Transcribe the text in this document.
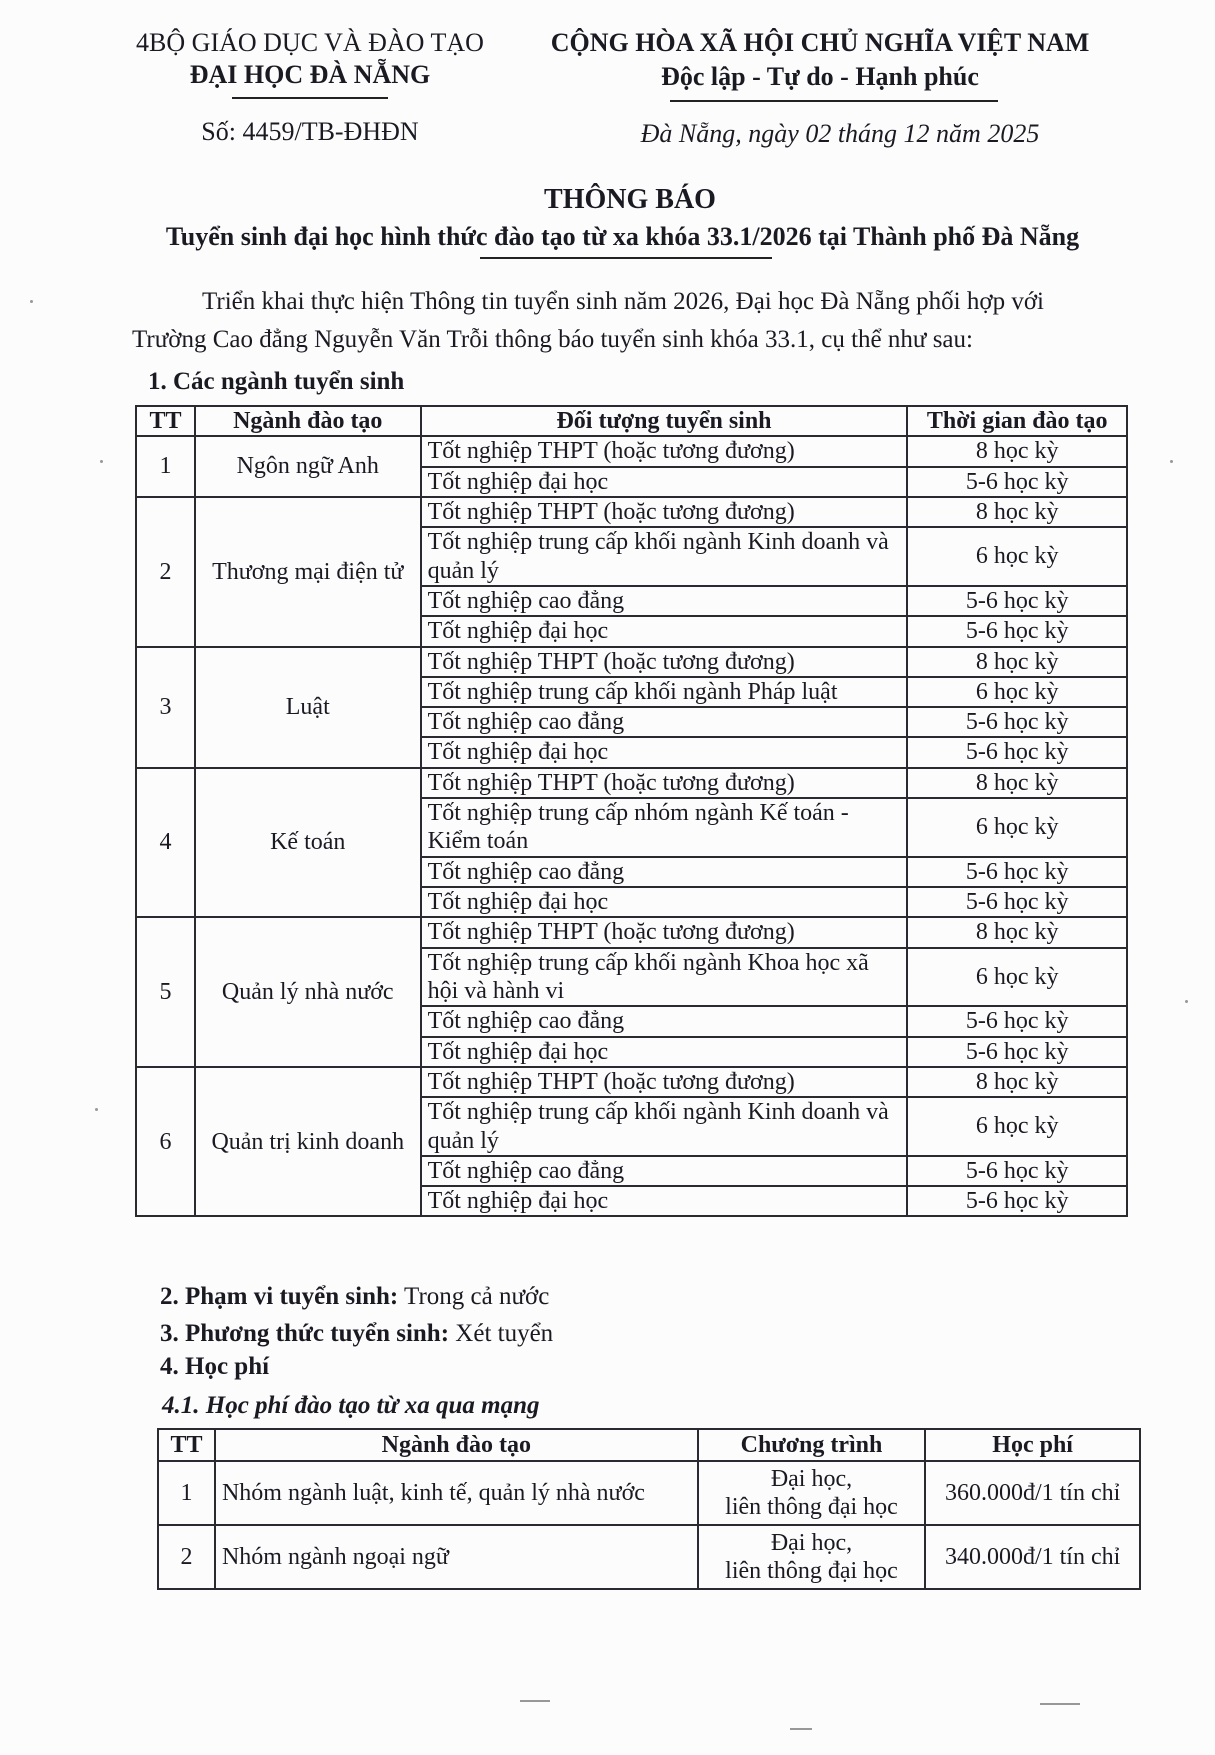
4BỘ GIÁO DỤC VÀ ĐÀO TẠO
ĐẠI HỌC ĐÀ NẴNG
Số: 4459/TB-ĐHĐN
CỘNG HÒA XÃ HỘI CHỦ NGHĨA VIỆT NAM
Độc lập - Tự do - Hạnh phúc
Đà Nẵng, ngày 02 tháng 12 năm 2025
THÔNG BÁO
Tuyển sinh đại học hình thức đào tạo từ xa khóa 33.1/2026 tại Thành phố Đà Nẵng
Triển khai thực hiện Thông tin tuyển sinh năm 2026, Đại học Đà Nẵng phối hợp với
Trường Cao đẳng Nguyễn Văn Trỗi thông báo tuyển sinh khóa 33.1, cụ thể như sau:
1. Các ngành tuyển sinh
TT	Ngành đào tạo	Đối tượng tuyển sinh	Thời gian đào tạo
1	Ngôn ngữ Anh	Tốt nghiệp THPT (hoặc tương đương)	8 học kỳ
		Tốt nghiệp đại học	5-6 học kỳ
2	Thương mại điện tử	Tốt nghiệp THPT (hoặc tương đương)	8 học kỳ
		Tốt nghiệp trung cấp khối ngành Kinh doanh và quản lý	6 học kỳ
		Tốt nghiệp cao đẳng	5-6 học kỳ
		Tốt nghiệp đại học	5-6 học kỳ
3	Luật	Tốt nghiệp THPT (hoặc tương đương)	8 học kỳ
		Tốt nghiệp trung cấp khối ngành Pháp luật	6 học kỳ
		Tốt nghiệp cao đẳng	5-6 học kỳ
		Tốt nghiệp đại học	5-6 học kỳ
4	Kế toán	Tốt nghiệp THPT (hoặc tương đương)	8 học kỳ
		Tốt nghiệp trung cấp nhóm ngành Kế toán - Kiểm toán	6 học kỳ
		Tốt nghiệp cao đẳng	5-6 học kỳ
		Tốt nghiệp đại học	5-6 học kỳ
5	Quản lý nhà nước	Tốt nghiệp THPT (hoặc tương đương)	8 học kỳ
		Tốt nghiệp trung cấp khối ngành Khoa học xã hội và hành vi	6 học kỳ
		Tốt nghiệp cao đẳng	5-6 học kỳ
		Tốt nghiệp đại học	5-6 học kỳ
6	Quản trị kinh doanh	Tốt nghiệp THPT (hoặc tương đương)	8 học kỳ
		Tốt nghiệp trung cấp khối ngành Kinh doanh và quản lý	6 học kỳ
		Tốt nghiệp cao đẳng	5-6 học kỳ
		Tốt nghiệp đại học	5-6 học kỳ
2. Phạm vi tuyển sinh: Trong cả nước
3. Phương thức tuyển sinh: Xét tuyển
4. Học phí
4.1. Học phí đào tạo từ xa qua mạng
TT	Ngành đào tạo	Chương trình	Học phí
1	Nhóm ngành luật, kinh tế, quản lý nhà nước	Đại học,
liên thông đại học	360.000đ/1 tín chỉ
2	Nhóm ngành ngoại ngữ	Đại học,
liên thông đại học	340.000đ/1 tín chỉ
